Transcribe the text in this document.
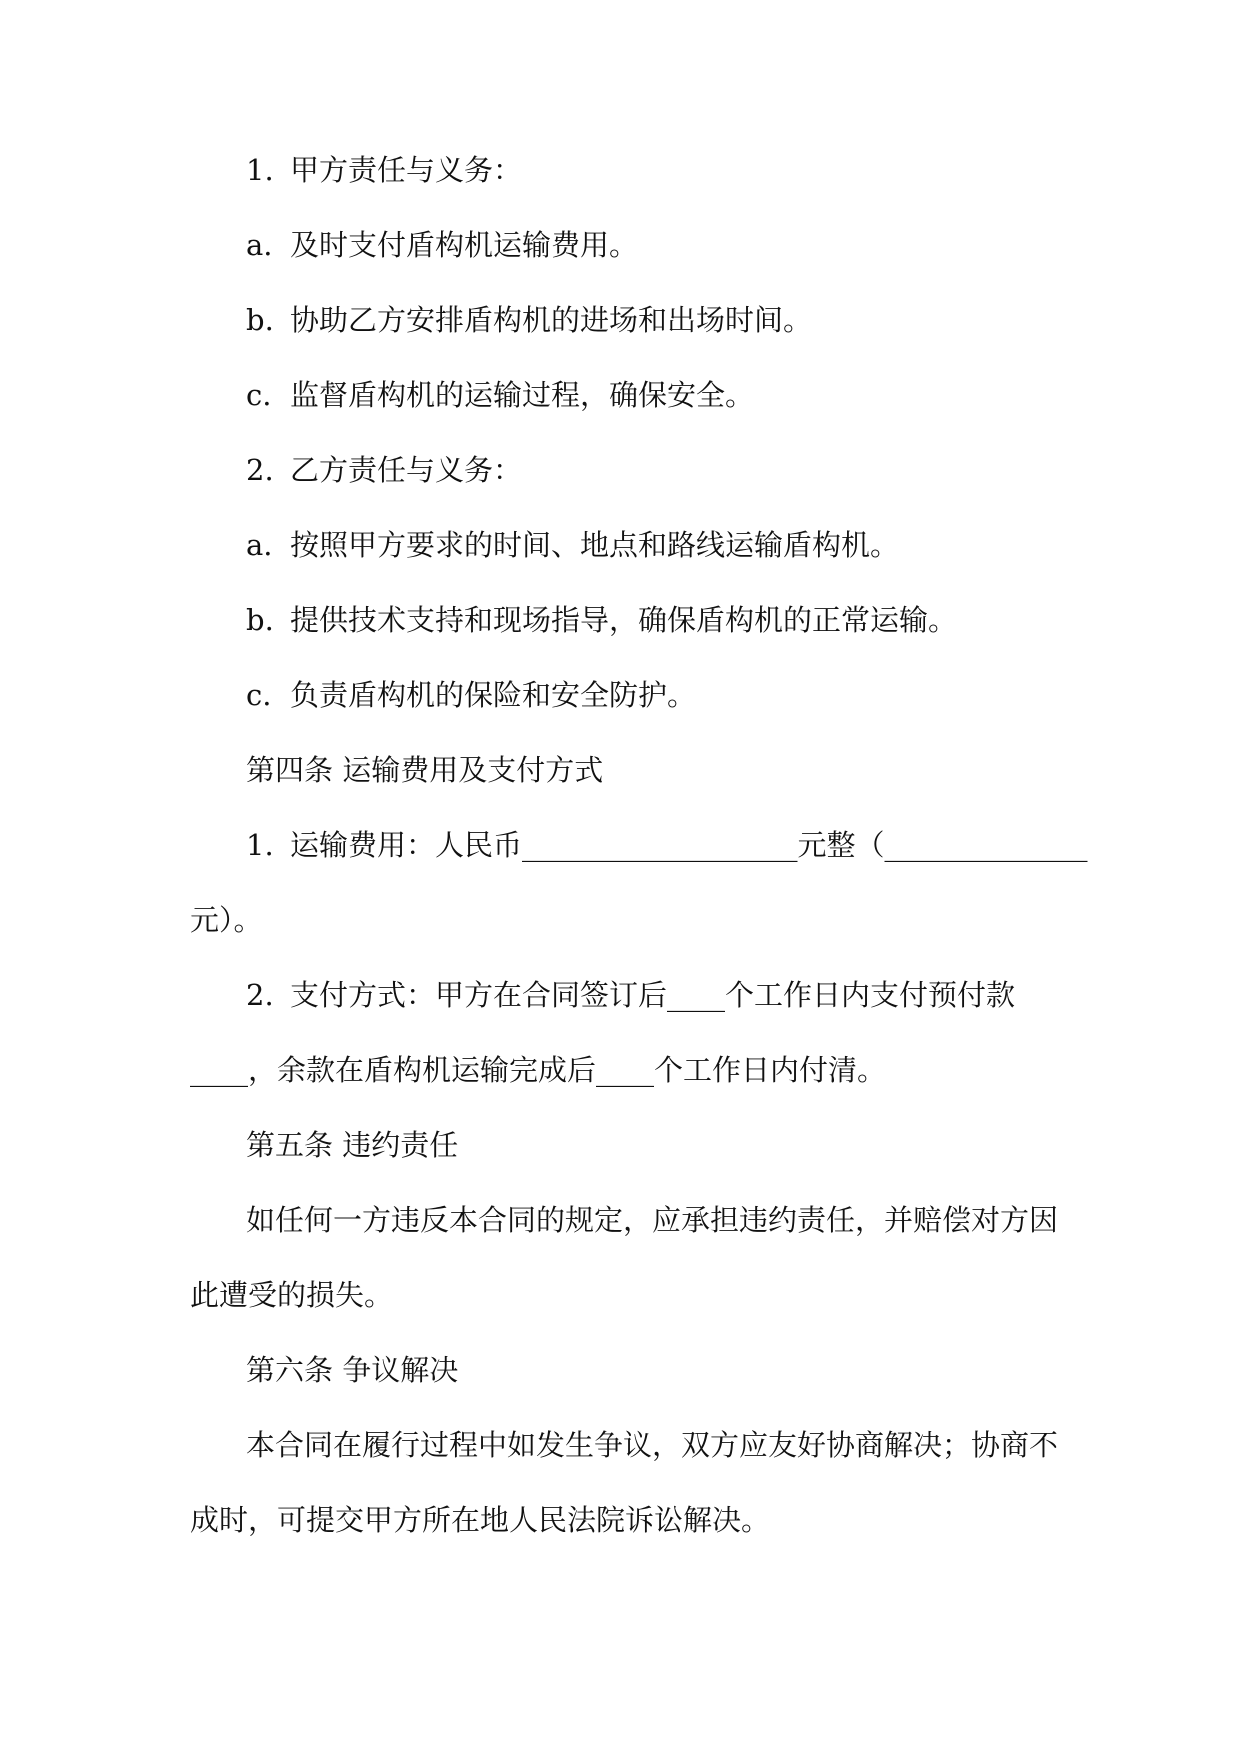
1. 甲方责任与义务：
a. 及时支付盾构机运输费用。
b. 协助乙方安排盾构机的进场和出场时间。
c. 监督盾构机的运输过程，确保安全。
2. 乙方责任与义务：
a. 按照甲方要求的时间、地点和路线运输盾构机。
b. 提供技术支持和现场指导，确保盾构机的正常运输。
c. 负责盾构机的保险和安全防护。
第四条 运输费用及支付方式
1. 运输费用：人民币___________________元整（______________
元）。
2. 支付方式：甲方在合同签订后____个工作日内支付预付款
____，余款在盾构机运输完成后____个工作日内付清。
第五条 违约责任
如任何一方违反本合同的规定，应承担违约责任，并赔偿对方因
此遭受的损失。
第六条 争议解决
本合同在履行过程中如发生争议，双方应友好协商解决；协商不
成时，可提交甲方所在地人民法院诉讼解决。
